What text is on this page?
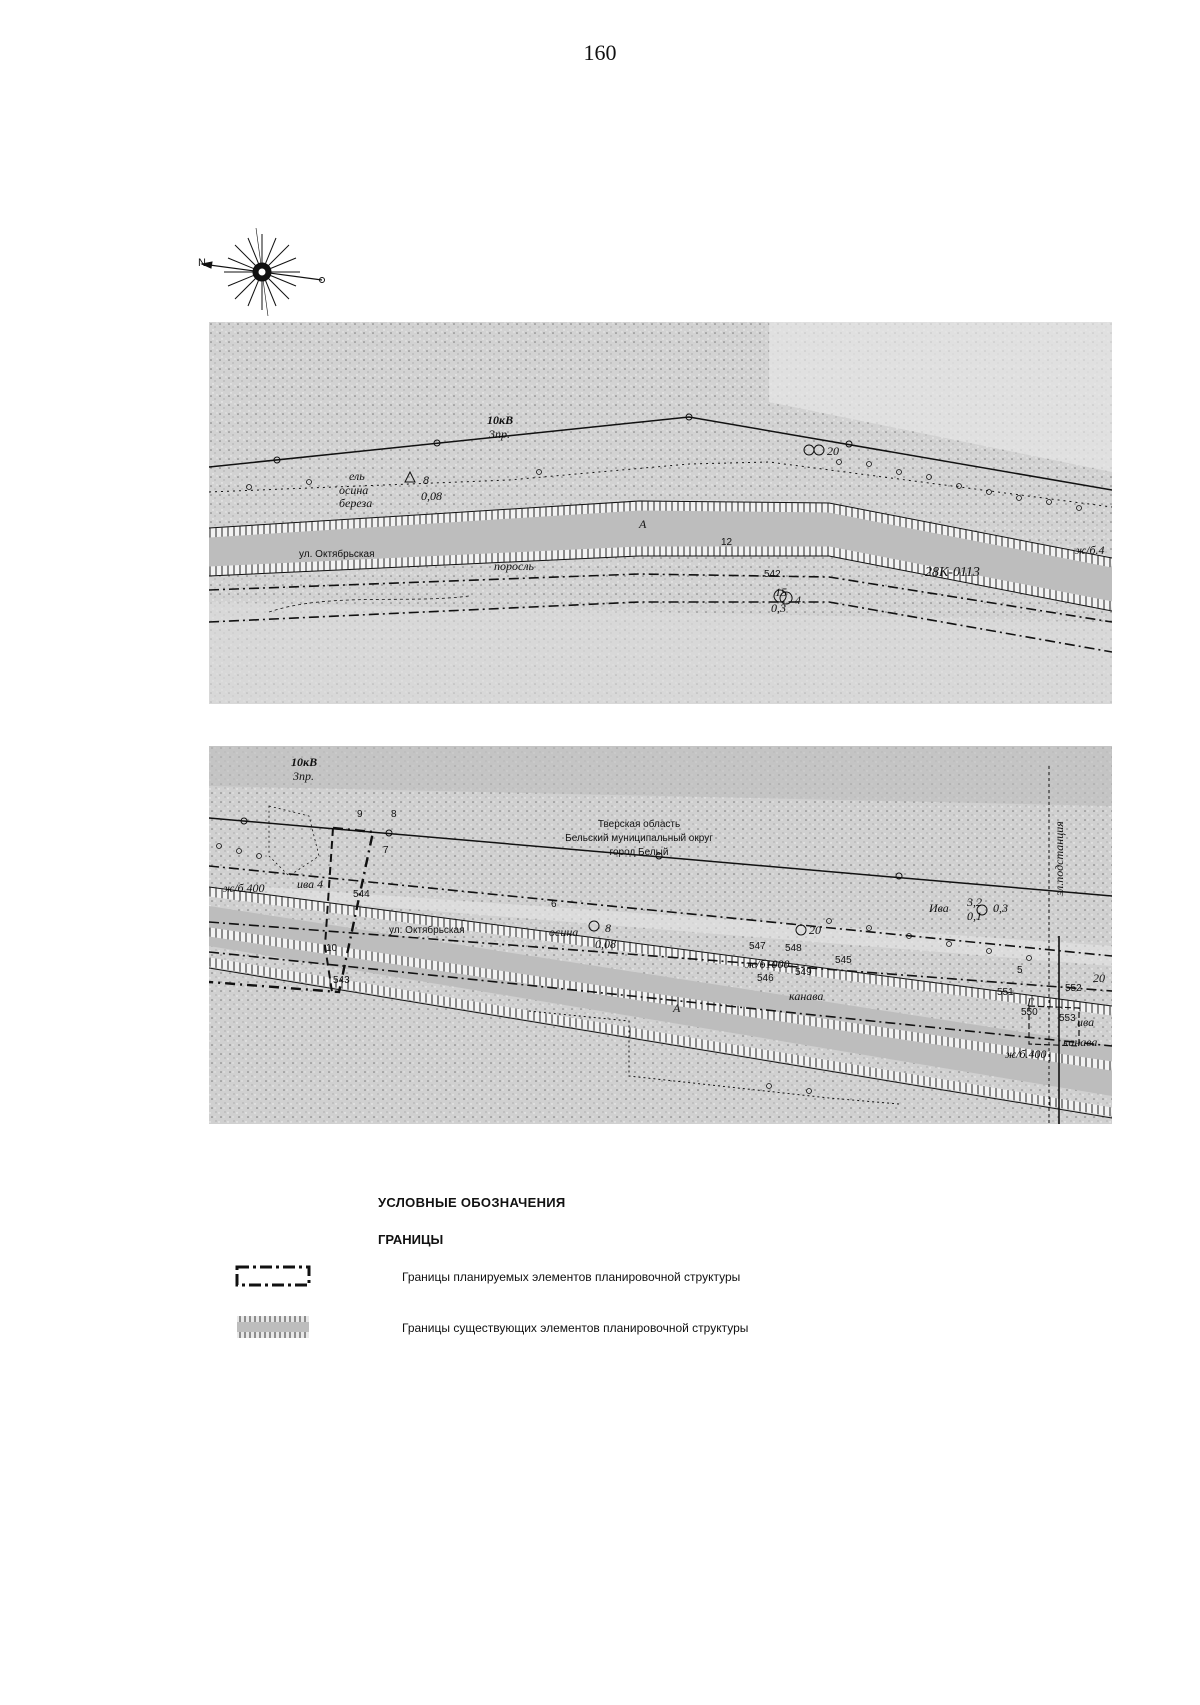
160
N
10кВ
3пр.
ель
осина
береза
8
0,08
ул. Октябрьская
А
поросль	28К-0113
542
12
15
0,3
4
20
ж/б.4
10кВ
3пр.
Тверская область
Бельский муниципальный округ
город Белый
9	8
7
ива 4
ж/б.400	544
10
ул. Октябрьская
543
6
осина 8
0,08
20
ж/б1000
547 548
546
549
545
канава
А	Г
550
551	552
553
5
Ива 3,2
0,1
0,3
ива
эл.подстанция
ж/б.400
канава
20
УСЛОВНЫЕ ОБОЗНАЧЕНИЯ
ГРАНИЦЫ
Границы планируемых элементов планировочной структуры
Границы существующих элементов планировочной структуры
